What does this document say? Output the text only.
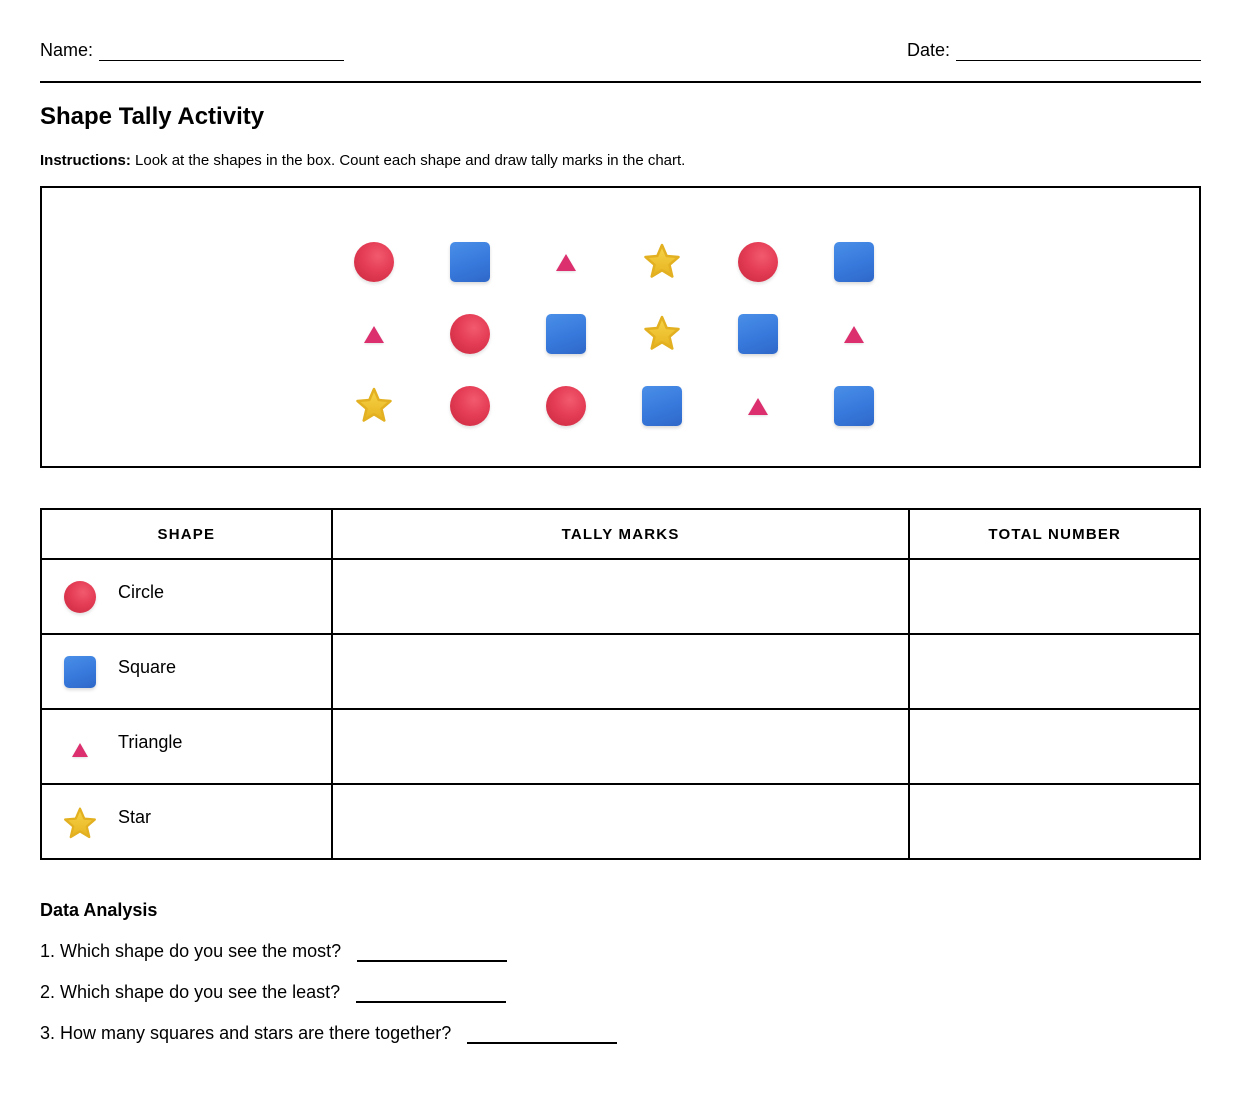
Name:	Date:
Shape Tally Activity
Instructions: Look at the shapes in the box. Count each shape and draw tally marks in the chart.
SHAPE	TALLY MARKS	TOTAL NUMBER

Circle		

Square		

Triangle		

Star		

Data Analysis
1. Which shape do you see the most?
2. Which shape do you see the least?
3. How many squares and stars are there together?
